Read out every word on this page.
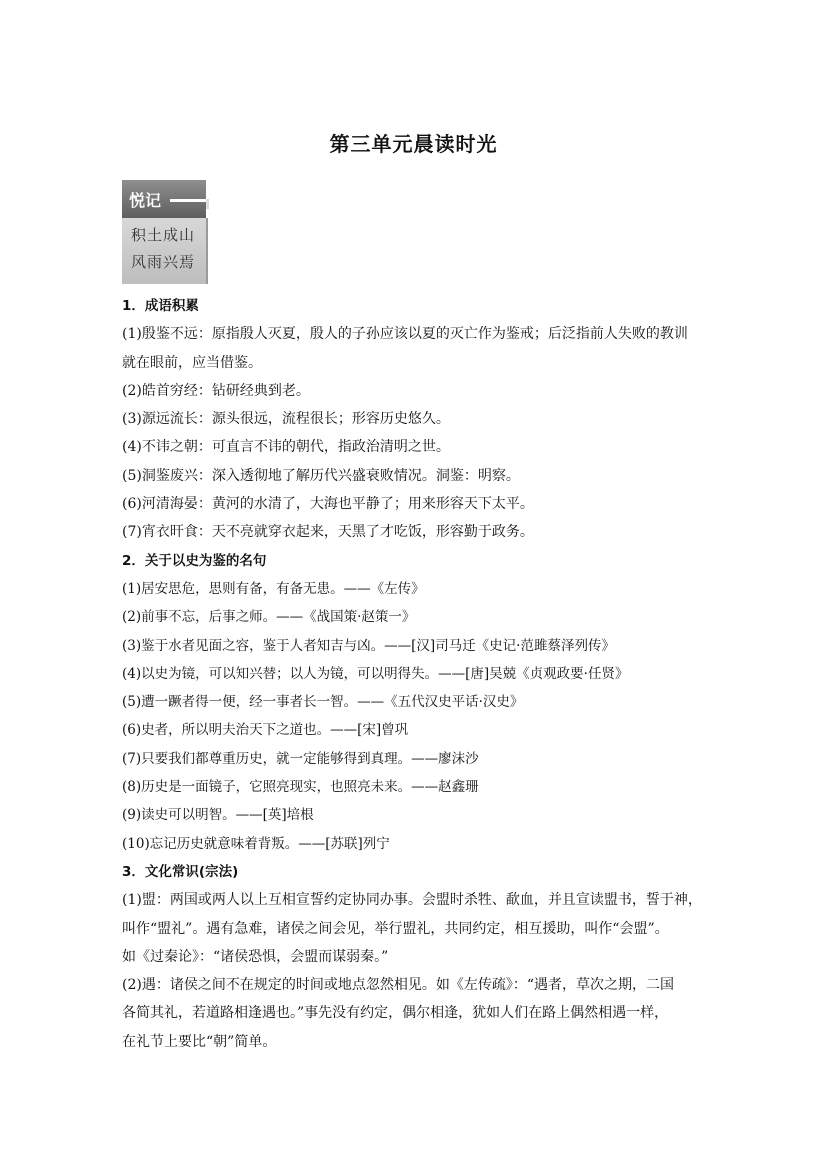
第三单元晨读时光
悦记
积土成山
风雨兴焉
1．成语积累
(1)殷鉴不远：原指殷人灭夏，殷人的子孙应该以夏的灭亡作为鉴戒；后泛指前人失败的教训
就在眼前，应当借鉴。
(2)皓首穷经：钻研经典到老。
(3)源远流长：源头很远，流程很长；形容历史悠久。
(4)不讳之朝：可直言不讳的朝代，指政治清明之世。
(5)洞鉴废兴：深入透彻地了解历代兴盛衰败情况。洞鉴：明察。
(6)河清海晏：黄河的水清了，大海也平静了；用来形容天下太平。
(7)宵衣旰食：天不亮就穿衣起来，天黑了才吃饭，形容勤于政务。
2．关于以史为鉴的名句
(1)居安思危，思则有备，有备无患。——《左传》
(2)前事不忘，后事之师。——《战国策·赵策一》
(3)鉴于水者见面之容，鉴于人者知吉与凶。——[汉]司马迁《史记·范雎蔡泽列传》
(4)以史为镜，可以知兴替；以人为镜，可以明得失。——[唐]吴兢《贞观政要·任贤》
(5)遭一蹶者得一便，经一事者长一智。——《五代汉史平话·汉史》
(6)史者，所以明夫治天下之道也。——[宋]曾巩
(7)只要我们都尊重历史，就一定能够得到真理。——廖沫沙
(8)历史是一面镜子，它照亮现实，也照亮未来。——赵鑫珊
(9)读史可以明智。——[英]培根
(10)忘记历史就意味着背叛。——[苏联]列宁
3．文化常识(宗法)
(1)盟：两国或两人以上互相宣誓约定协同办事。会盟时杀牲、歃血，并且宣读盟书，誓于神，
叫作“盟礼”。遇有急难，诸侯之间会见，举行盟礼，共同约定，相互援助，叫作“会盟”。
如《过秦论》：“诸侯恐惧，会盟而谋弱秦。”
(2)遇：诸侯之间不在规定的时间或地点忽然相见。如《左传疏》：“遇者，草次之期，二国
各简其礼，若道路相逢遇也。”事先没有约定，偶尔相逢，犹如人们在路上偶然相遇一样，
在礼节上要比“朝”简单。
